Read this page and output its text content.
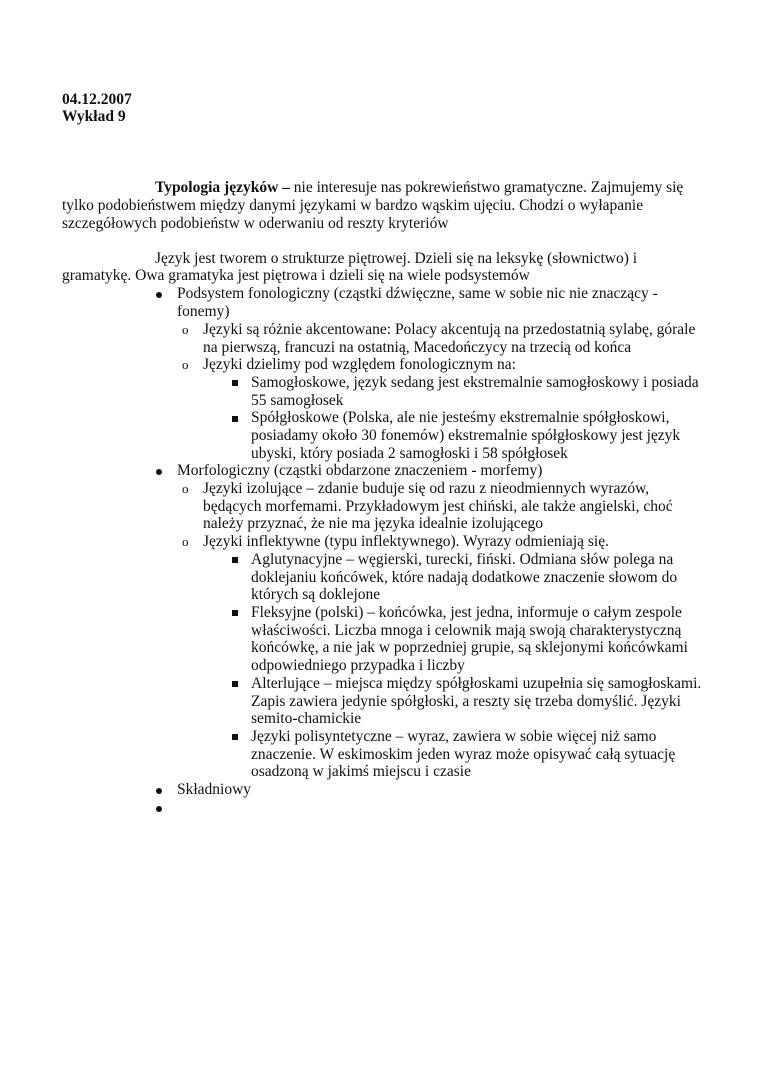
04.12.2007
Wykład 9
Typologia języków – nie interesuje nas pokrewieństwo gramatyczne. Zajmujemy się
tylko podobieństwem między danymi językami w bardzo wąskim ujęciu. Chodzi o wyłapanie
szczegółowych podobieństw w oderwaniu od reszty kryteriów
Język jest tworem o strukturze piętrowej. Dzieli się na leksykę (słownictwo) i
gramatykę. Owa gramatyka jest piętrowa i dzieli się na wiele podsystemów
Podsystem fonologiczny (cząstki dźwięczne, same w sobie nic nie znaczący -
fonemy)
o Języki są różnie akcentowane: Polacy akcentują na przedostatnią sylabę, górale
na pierwszą, francuzi na ostatnią, Macedończycy na trzecią od końca
o Języki dzielimy pod względem fonologicznym na:
Samogłoskowe, język sedang jest ekstremalnie samogłoskowy i posiada
55 samogłosek
Spółgłoskowe (Polska, ale nie jesteśmy ekstremalnie spółgłoskowi,
posiadamy około 30 fonemów) ekstremalnie spółgłoskowy jest język
ubyski, który posiada 2 samogłoski i 58 spółgłosek
Morfologiczny (cząstki obdarzone znaczeniem - morfemy)
o Języki izolujące – zdanie buduje się od razu z nieodmiennych wyrazów,
będących morfemami. Przykładowym jest chiński, ale także angielski, choć
należy przyznać, że nie ma języka idealnie izolującego
o Języki inflektywne (typu inflektywnego). Wyrazy odmieniają się.
Aglutynacyjne – węgierski, turecki, fiński. Odmiana słów polega na
doklejaniu końcówek, które nadają dodatkowe znaczenie słowom do
których są doklejone
Fleksyjne (polski) – końcówka, jest jedna, informuje o całym zespole
właściwości. Liczba mnoga i celownik mają swoją charakterystyczną
końcówkę, a nie jak w poprzedniej grupie, są sklejonymi końcówkami
odpowiedniego przypadka i liczby
Alterlujące – miejsca między spółgłoskami uzupełnia się samogłoskami.
Zapis zawiera jedynie spółgłoski, a reszty się trzeba domyślić. Języki
semito-chamickie
Języki polisyntetyczne – wyraz, zawiera w sobie więcej niż samo
znaczenie. W eskimoskim jeden wyraz może opisywać całą sytuację
osadzoną w jakimś miejscu i czasie
Składniowy
